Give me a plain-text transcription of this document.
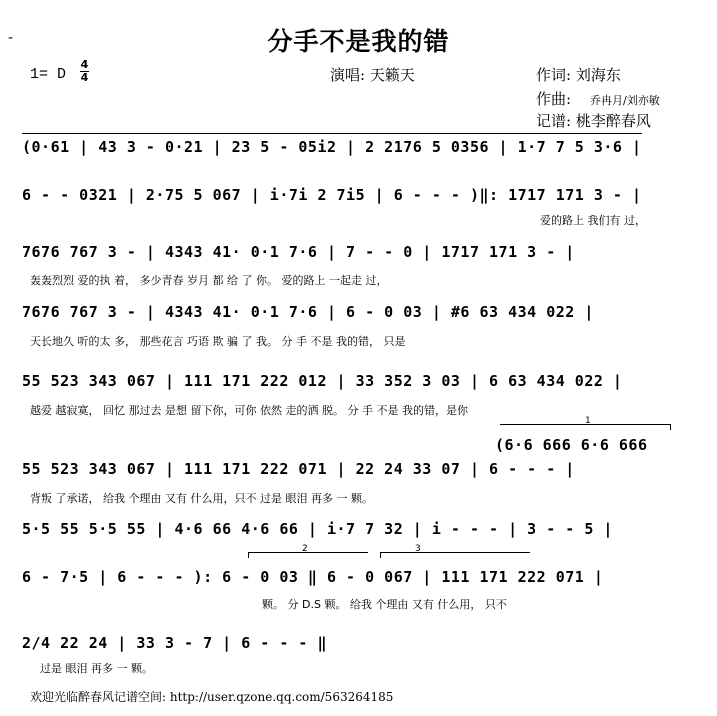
-	分手不是我的错
1= D
4
4	演唱: 天籁天	作词: 刘海东
作曲: 乔冉月/刘亦敏
记谱: 桃李醉春风
(0·61 | 43 3 - 0·21 | 23 5 - 05i2 | 2 2176 5 0356 | 1·7 7 5 3·6 |
6 - - 0321 | 2·75 5 067 | i·7i 2 7i5 | 6 - - - )‖: 1717 171 3 - |
爱的路上 我们有 过，
7676 767 3 - | 4343 41· 0·1 7·6 | 7 - - 0 | 1717 171 3 - |
轰轰烈烈 爱的执 着， 多少青春 岁月 都 给 了 你。 爱的路上 一起走 过，
7676 767 3 - | 4343 41· 0·1 7·6 | 6 - 0 03 | #6 63 434 022 |
天长地久 听的太 多， 那些花言 巧语 欺 骗 了 我。 分 手 不是 我的错， 只是
55 523 343 067 | 111 171 222 012 | 33 352 3 03 | 6 63 434 022 |
越爱 越寂寞， 回忆 那过去 是想 留下你，可你 依然 走的洒 脱。 分 手 不是 我的错，是你
1
(6·6 666 6·6 666
55 523 343 067 | 111 171 222 071 | 22 24 33 07 | 6 - - - |
背叛 了承诺， 给我 个理由 又有 什么用，只不 过是 眼泪 再多 一 颗。
5·5 55 5·5 55 | 4·6 66 4·6 66 | i·7 7 32 | i - - - | 3 - - 5 |
2	3
6 - 7·5 | 6 - - - ): 6 - 0 03 ‖ 6 - 0 067 | 111 171 222 071 |
颗。 分 D.S 颗。 给我 个理由 又有 什么用， 只不
2/4 22 24 | 33 3 - 7 | 6 - - - ‖
过是 眼泪 再多 一 颗。
欢迎光临醉春风记谱空间: http://user.qzone.qq.com/563264185
